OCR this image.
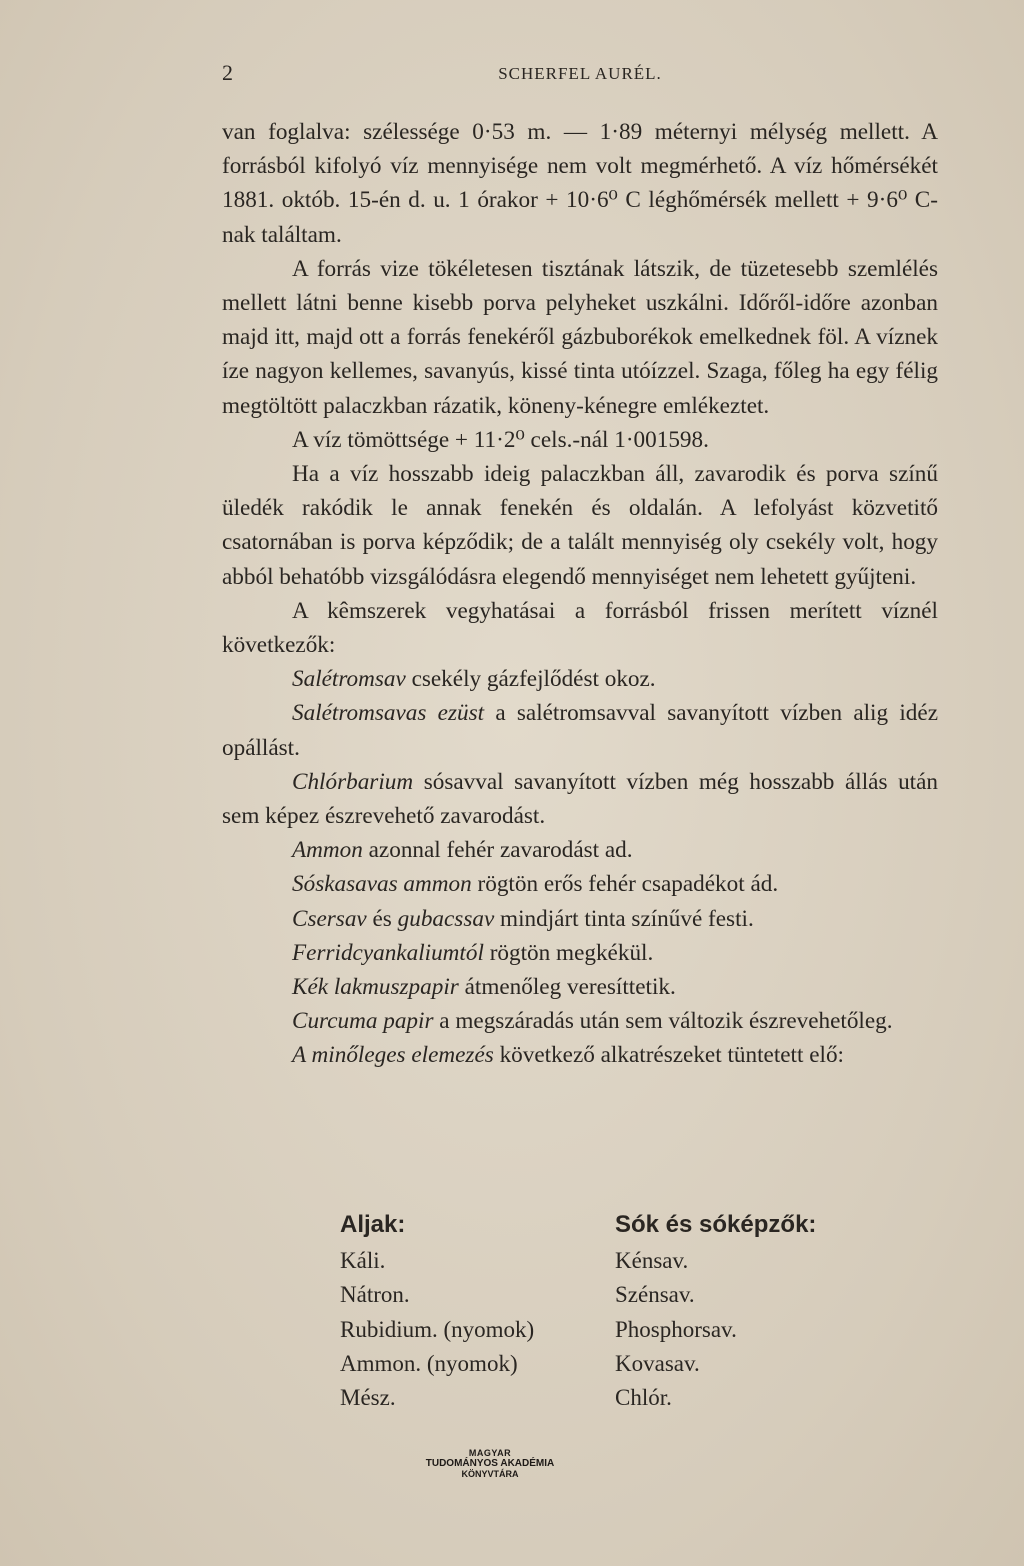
2	SCHERFEL AURÉL.

van foglalva: szélessége 0·53 m. — 1·89 méternyi mélység mellett. A forrásból kifolyó víz mennyisége nem volt megmérhető. A víz hőmérsékét 1881. októb. 15-én d. u. 1 órakor + 10·6⁰ C léghőmérsék mellett + 9·6⁰ C-nak találtam.

A forrás vize tökéletesen tisztának látszik, de tüzetesebb szemlélés mellett látni benne kisebb porva pelyheket uszkálni. Időről-időre azonban majd itt, majd ott a forrás fenekéről gázbuborékok emelkednek föl. A víznek íze nagyon kellemes, savanyús, kissé tinta utóízzel. Szaga, főleg ha egy félig megtöltött palaczkban rázatik, köneny-kénegre emlékeztet.

A víz tömöttsége + 11·2⁰ cels.-nál 1·001598.

Ha a víz hosszabb ideig palaczkban áll, zavarodik és porva színű üledék rakódik le annak fenekén és oldalán. A lefolyást közvetitő csatornában is porva képződik; de a talált mennyiség oly csekély volt, hogy abból behatóbb vizsgálódásra elegendő mennyiséget nem lehetett gyűjteni.

A kêmszerek vegyhatásai a forrásból frissen merített víznél következők:

Salétromsav csekély gázfejlődést okoz.

Salétromsavas ezüst a salétromsavval savanyított vízben alig idéz opállást.

Chlórbarium sósavval savanyított vízben még hosszabb állás után sem képez észrevehető zavarodást.

Ammon azonnal fehér zavarodást ad.

Sóskasavas ammon rögtön erős fehér csapadékot ád.

Csersav és gubacssav mindjárt tinta színűvé festi.

Ferridcyankaliumtól rögtön megkékül.

Kék lakmuszpapir átmenőleg veresíttetik.

Curcuma papir a megszáradás után sem változik észrevehetőleg.

A minőleges elemezés következő alkatrészeket tüntetett elő:

Aljak:
Káli.
Nátron.
Rubidium. (nyomok)
Ammon. (nyomok)
Mész.
Sók és sóképzők:
Kénsav.
Szénsav.
Phosphorsav.
Kovasav.
Chlór.
MAGYAR
TUDOMÁNYOS AKADÉMIA
KÖNYVTÁRA
